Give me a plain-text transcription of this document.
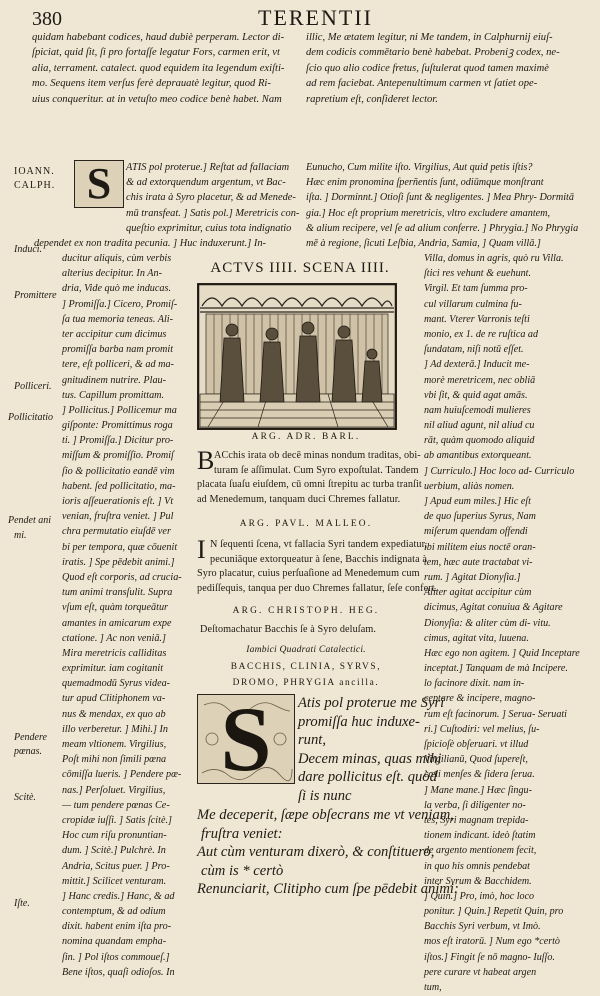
380	TERENTII
quidam habebant codices, haud dubiè perperam. Lector di-
ſpiciat, quid ſit, ſi pro fortaſſe legatur Fors, carmen erit, vt
alia, terrament. catalect. quod equidem ita legendum exiſti-
mo. Sequens item verſus ferè deprauatè legitur, quod Ri-
uius conqueritur. at in vetuſto meo codice benè habet. Nam
illic, Me ætatem legitur, ni Me tandem, in Calphurnij eiuſ-
dem codicis commētario benè habebat. Probeniꝫ codex, ne-
ſcio quo alio codice fretus, ſuſtulerat quod tamen maximè
ad rem faciebat. Antepenultimum carmen vt ſatiet ope-
rapretium eſt, conſideret lector.
IOANN.
CALPH.
Induci.
Promittere
Polliceri.
Pollicitatio
Pendet ani
mi.
Pendere
pœnas.
Scitè.
Iſte.
S	ATIS pol proterue.] Reſtat ad fallaciam
& ad extorquendum argentum, vt Bac-
chis irata à Syro placetur, & ad Menede-
mū transfeat. ] Satis pol.] Meretricis con-
queſtio exprimitur, cuius tota indignatio
dependet ex non tradita pecunia. ] Huc induxerunt.] In-
ducitur aliquis, cùm verbis
alterius decipitur. In An-
dria, Vide quò me inducas.
] Promiſſa.] Cicero, Promiſ-
ſa tua memoria teneas. Ali-
ter accipitur cum dicimus
promiſſa barba nam promit
tere, eſt polliceri, & ad ma-
gnitudinem nutrire. Plau-
tus. Capillum promittam.
] Pollicitus.] Pollicemur ma
giſponte: Promittimus roga
ti. ] Promiſſa.] Dicitur pro-
miſſum & promiſſio. Promiſ
ſio & pollicitatio eandē vim
habent. ſed pollicitatio, ma-
ioris aſſeuerationis eſt. ] Vt
venian, fruſtra veniet. ] Pul
chra permutatio eiuſdē ver
bi per tempora, quæ cōuenit
iratis. ] Spe pēdebit animi.]
Quod eſt corporis, ad crucia-
tum animi transſulit. Supra
vſum eſt, quàm torqueātur
amantes in amicarum expe
ctatione. ] Ac non veniā.]
Mira meretricis calliditas
exprimitur. iam cogitanit
quemadmodū Syrus videa-
tur apud Clitiphonem va-
nus & mendax, ex quo ab
illo verberetur. ] Mihi.] In
meam vltionem. Virgilius,
Poſt mihi non ſimili pœna
cōmiſſa lueris. ] Pendere pœ-
nas.] Perſoluet. Virgilius,
— tum pendere pœnas Ce-
cropidæ iuſſi. ] Satis ſcitè.]
Hoc cum riſu pronuntian-
dum. ] Scitè.] Pulchrè. In
Andria, Scitus puer. ] Pro-
mittit.] Scilicet venturam.
] Hanc credis.] Hanc, & ad
contemptum, & ad odium
dixit. habent enim iſta pro-
nomina quandam empha-
ſin. ] Pol iſtos commoueſ.]
Bene iſtos, quaſi odioſos. In
Eunucho, Cum milite iſto. Virgilius, Aut quid petis iſtis?
Hæc enim pronomina ſperñentis ſunt, odiūmque monſtrant
iſta. ] Dorminnt.] Otioſi ſunt & negligentes. ] Mea Phry- Dormitā
gia.] Hoc eſt proprium meretricis, vltro excludere amantem,
& alium recipere, vel ſe ad alium conferre. ] Phrygia.] No Phrygia
mē à regione, ſicuti Leſbia, Andria, Samia, ] Quam villā.]
Villa, domus in agris, quò ru Villa.
ſtici res vehunt & euehunt.
Virgil. Et tam ſumma pro-
cul villarum culmina fu-
mant. Vterer Varronis teſti
monio, ex 1. de re ruſtica ad
ſundatam, niſi notū eſſet.
] Ad dexterā.] Inducit me-
morè meretricem, nec obliā
vbi ſit, & quid agat amās.
nam huiuſcemodi mulieres
nil aliud agunt, nil aliud cu
rāt, quàm quomodo aliquid
ab amantibus extorqueant.
] Curriculo.] Hoc loco ad- Curriculo
uerbium, aliàs nomen.
] Apud eum miles.] Hic eſt
de quo ſuperius Syrus, Nam
miſerum quendam offendi
ibi militem eius noctē oran-
tem, hæc aute tractabat vi-
rum. ] Agitat Dionyſia.]
Aliter agitat accipitur cùm
dicimus, Agitat conuiua & Agitare
Dionyſia: & aliter cùm di- vitu.
cimus, agitat vita, luuena.
Hæc ego non agitem. ] Quid Inceptare
inceptat.] Tanquam de mà Incipere.
lo facinore dixit. nam in-
ceptare & incipere, magno-
rum eſt facinorum. ] Serua- Seruati
ri.] Cuſtodiri: vel melius, ſu-
ſpicioſè obſeruari. vt illud
Virgilianū, Quod ſupereſt,
cœli menſes & ſidera ſerua.
] Mane mane.] Hæc ſingu-
la verba, ſi diligenter no-
tes, Syri magnam trepida-
tionem indicant. ideò ſtatim
de argento mentionem fecit,
in quo his omnis pendebat
inter Syrum & Bacchidem.
] Quin.] Pro, imò, hoc loco
ponitur. ] Quin.] Repetit Quin, pro
Bacchis Syri verbum, vt Imò.
mos eſt iratorū. ] Num ego *certò
iſtos.] Fingit ſe nō magno- Iuſſo.
pere curare vt habeat argen
tum,
ACTVS IIII. SCENA IIII.
ARG. ADR. BARL.
B ACchis irata ob decē minas nondum traditas, obi-
turam ſe aſſimulat. Cum Syro expoſtulat. Tandem
placata ſuaſu eiuſdem, cū omni ſtrepitu ac turba tranſit
ad Menedemum, tanquam duci Chremes fallatur.
ARG. PAVL. MALLEO.
I N ſequenti ſcena, vt fallacia Syri tandem expediatur,
pecuniāque extorqueatur à ſene, Bacchis indignata à
Syro placatur, cuius perſuaſione ad Menedemum cum
pediſſequis, tanqua per duo Chremes fallatur, ſeſe confert.
ARG. CHRISTOPH. HEG.
Deſtomachatur Bacchis ſe à Syro deluſam.
Iambici Quadrati Catalectici.
BACCHIS, CLINIA, SYRVS,
DROMO, PHRYGIA ancilla.
S	Atis pol proterue me Syri
promiſſa huc induxe-
runt,
Decem minas, quas mihi
dare pollicitus eſt. quòd
ſi is nunc
Me deceperit, ſæpe obſecrans me vt veniam,
fruſtra veniet:
Aut cùm venturam dixerò, & conſtituero,
cùm is * certò
Renunciarit, Clitipho cum ſpe pēdebit animi:
